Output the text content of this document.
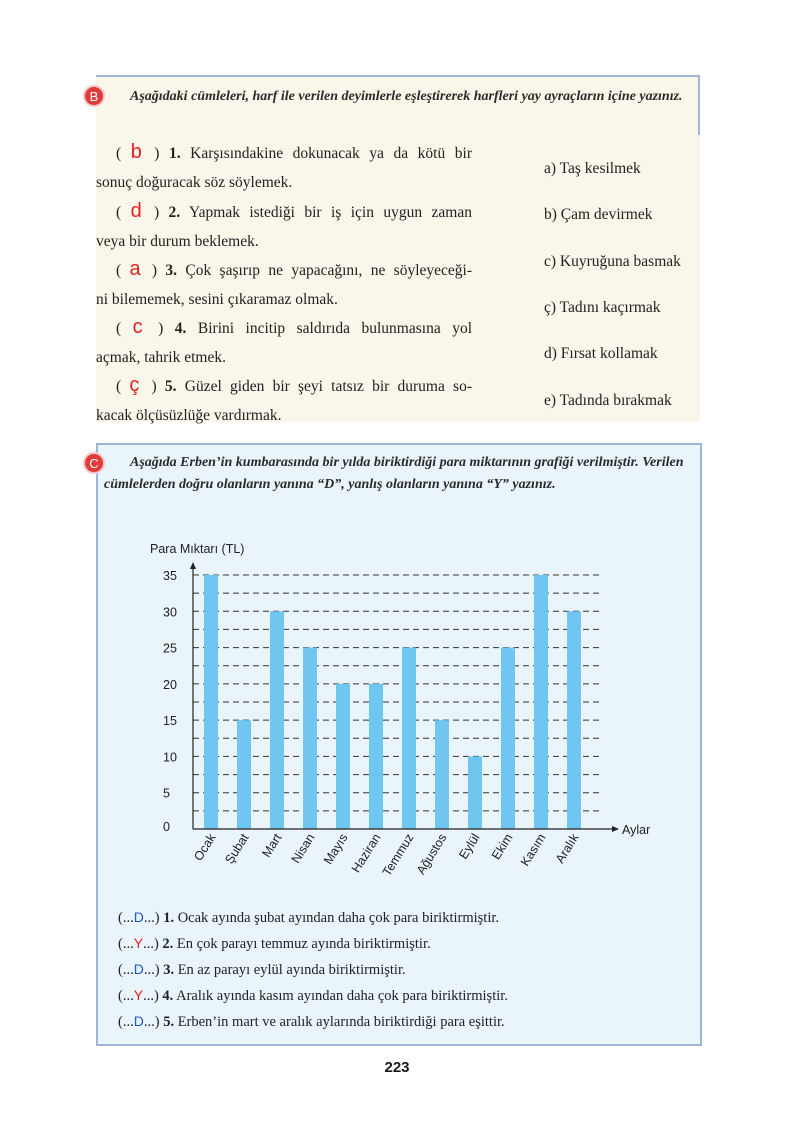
B	Aşağıdaki cümleleri, harf ile verilen deyimlerle eşleştirerek harfleri yay ayraçların içine yazınız.
( b ) 1. Karşısındakine dokunacak ya da kötü bir
sonuç doğuracak söz söylemek.
( d ) 2. Yapmak istediği bir iş için uygun zaman
veya bir durum beklemek.
( a ) 3. Çok şaşırıp ne yapacağını, ne söyleyeceği-
ni bilememek, sesini çıkaramaz olmak.
( c ) 4. Birini incitip saldırıda bulunmasına yol
açmak, tahrik etmek.
( ç ) 5. Güzel giden bir şeyi tatsız bir duruma so-
kacak ölçüsüzlüğe vardırmak.
a) Taş kesilmek
b) Çam devirmek
c) Kuyruğuna basmak
ç) Tadını kaçırmak
d) Fırsat kollamak
e) Tadında bırakmak
C	Aşağıda Erben’in kumbarasında bir yılda biriktirdiği para miktarının grafiği verilmiştir. Verilen cümlelerden doğru olanların yanına “D”, yanlış olanların yanına “Y” yazınız.
Para Mıktarı (TL)
Aylar
0
5
10
15
20
25
30
35
Ocak Şubat Mart Nisan Mayıs
Haziran
Temmuz
Ağustos Eylül Ekim Kasım Aralık
(...D...) 1. Ocak ayında şubat ayından daha çok para biriktirmiştir.
(...Y...) 2. En çok parayı temmuz ayında biriktirmiştir.
(...D...) 3. En az parayı eylül ayında biriktirmiştir.
(...Y...) 4. Aralık ayında kasım ayından daha çok para biriktirmiştir.
(...D...) 5. Erben’in mart ve aralık aylarında biriktirdiği para eşittir.
223
